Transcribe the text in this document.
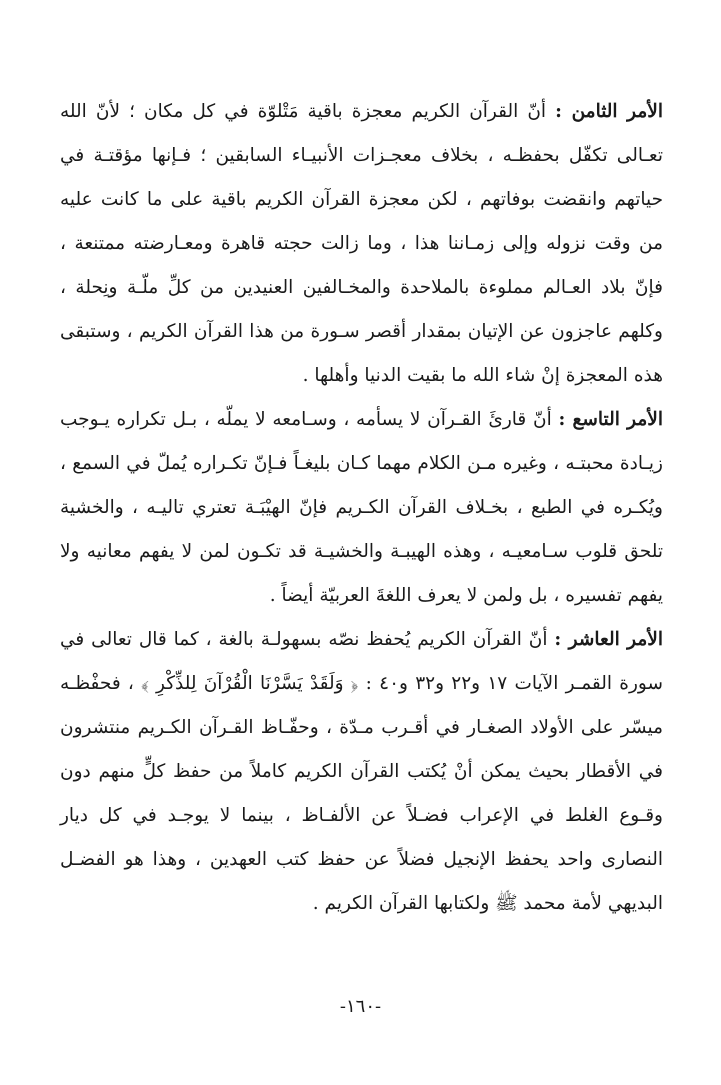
الأمر الثامن : أنّ القرآن الكريم معجزة باقية مَتْلوّة في كل مكان ؛ لأنّ الله تعـالى تكفّل بحفظـه ، بخلاف معجـزات الأنبيـاء السابقين ؛ فـإنها مؤقتـة في حياتهم وانقضت بوفاتهم ، لكن معجزة القرآن الكريم باقية على ما كانت عليه من وقت نزوله وإلى زمـاننا هذا ، وما زالت حجته قاهرة ومعـارضته ممتنعة ، فإنّ بلاد العـالم مملوءة بالملاحدة والمخـالفين العنيدين من كلِّ ملّـة ونِحلة ، وكلهم عاجزون عن الإتيان بمقدار أقصر سـورة من هذا القرآن الكريم ، وستبقى هذه المعجزة إنْ شاء الله ما بقيت الدنيا وأهلها .

الأمر التاسع : أنّ قارئَ القـرآن لا يسأمه ، وسـامعه لا يملّه ، بـل تكراره يـوجب زيـادة محبتـه ، وغيره مـن الكلام مهما كـان بليغـاً فـإنّ تكـراره يُملّ في السمع ، ويُكـره في الطبع ، بخـلاف القرآن الكـريم فإنّ الهيْبَـة تعتري تاليـه ، والخشية تلحق قلوب سـامعيـه ، وهذه الهيبـة والخشيـة قد تكـون لمن لا يفهم معانيه ولا يفهم تفسيره ، بل ولمن لا يعرف اللغةَ العربيّة أيضاً .

الأمر العاشر : أنّ القرآن الكريم يُحفظ نصّه بسهولـة بالغة ، كما قال تعالى في سورة القمـر الآيات ١٧ و٢٢ و٣٢ و٤٠ : ﴿ وَلَقَدْ يَسَّرْنَا الْقُرْآنَ لِلذِّكْرِ ﴾ ، فحفْظـه ميسّر على الأولاد الصغـار في أقـرب مـدّة ، وحفّـاظ القـرآن الكـريم منتشرون في الأقطار بحيث يمكن أنْ يُكتب القرآن الكريم كاملاً من حفظ كلٍّ منهم دون وقـوع الغلط في الإعراب فضـلاً عن الألفـاظ ، بينما لا يوجـد في كل ديار النصارى واحد يحفظ الإنجيل فضلاً عن حفظ كتب العهدين ، وهذا هو الفضـل البديهي لأمة محمد ﷺ ولكتابها القرآن الكريم .

-١٦٠-
